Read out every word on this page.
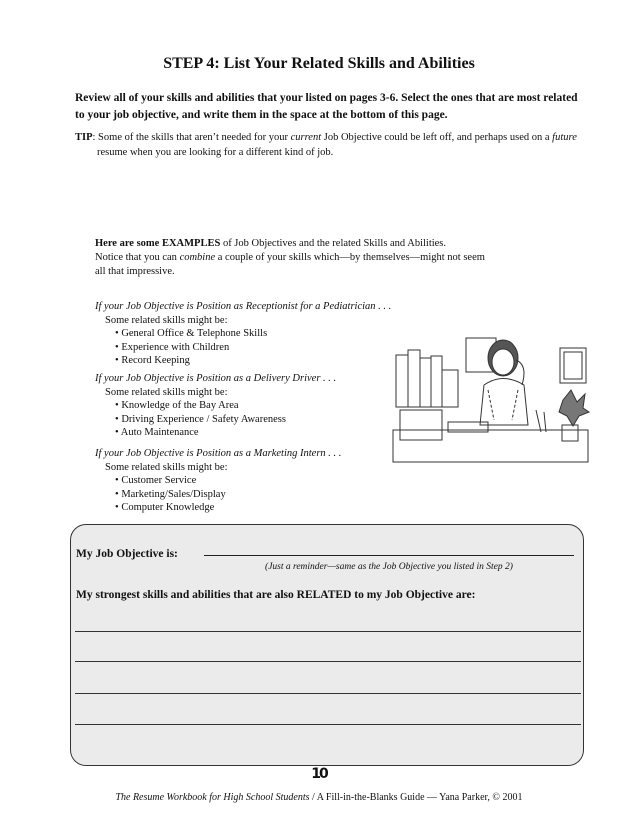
STEP 4: List Your Related Skills and Abilities
Review all of your skills and abilities that your listed on pages 3-6. Select the ones that are most related to your job objective, and write them in the space at the bottom of this page.
TIP: Some of the skills that aren’t needed for your current Job Objective could be left off, and perhaps used on a future
resume when you are looking for a different kind of job.
Here are some EXAMPLES of Job Objectives and the related Skills and Abilities.
Notice that you can combine a couple of your skills which—by themselves—might not seem
all that impressive.
If your Job Objective is Position as Receptionist for a Pediatrician . . .
Some related skills might be:
• General Office & Telephone Skills
• Experience with Children
• Record Keeping
If your Job Objective is Position as a Delivery Driver . . .
Some related skills might be:
• Knowledge of the Bay Area
• Driving Experience / Safety Awareness
• Auto Maintenance
If your Job Objective is Position as a Marketing Intern . . .
Some related skills might be:
• Customer Service
• Marketing/Sales/Display
• Computer Knowledge
My Job Objective is:
(Just a reminder—same as the Job Objective you listed in Step 2)
My strongest skills and abilities that are also RELATED to my Job Objective are:
10
The Resume Workbook for High School Students / A Fill-in-the-Blanks Guide — Yana Parker, © 2001
